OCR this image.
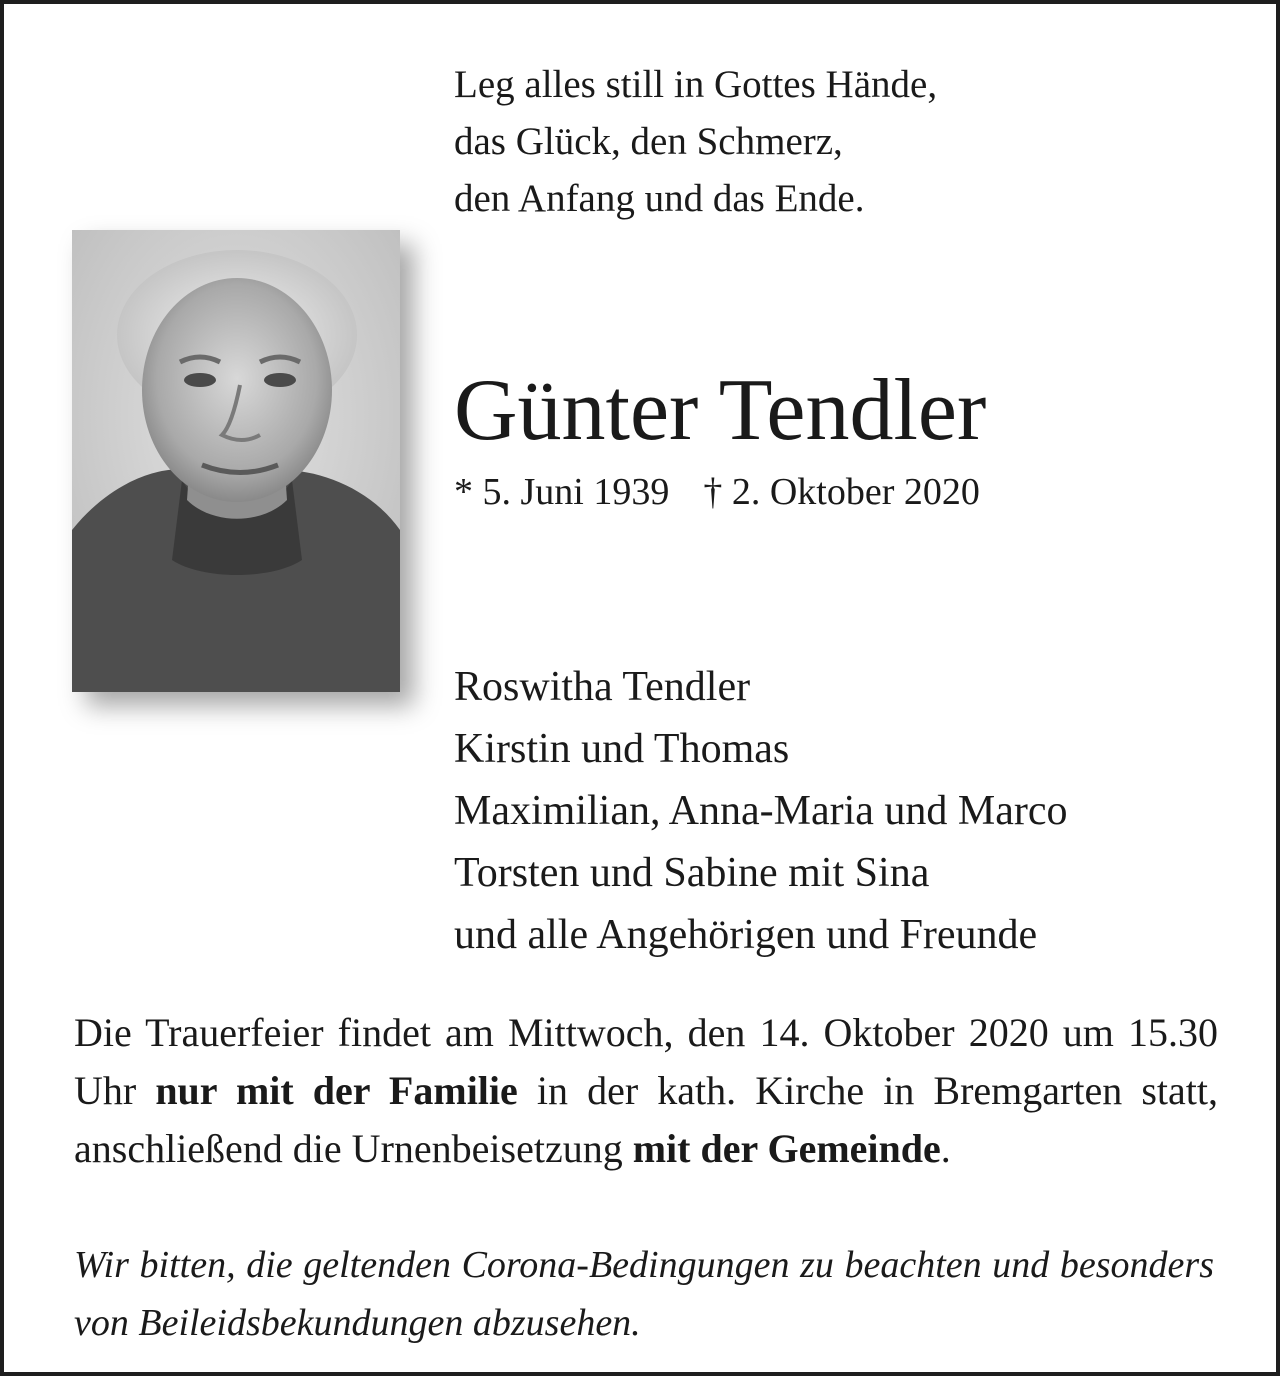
Leg alles still in Gottes Hände,
das Glück, den Schmerz,
den Anfang und das Ende.
Günter Tendler
* 5. Juni 1939 † 2. Oktober 2020
Roswitha Tendler
Kirstin und Thomas
Maximilian, Anna-Maria und Marco
Torsten und Sabine mit Sina
und alle Angehörigen und Freunde
Die Trauerfeier findet am Mittwoch, den 14. Oktober 2020 um 15.30 Uhr nur mit der Familie in der kath. Kirche in Bremgarten statt, anschließend die Urnenbeisetzung mit der Gemeinde.
Wir bitten, die geltenden Corona-Bedingungen zu beachten und besonders von Beileidsbekundungen abzusehen.
